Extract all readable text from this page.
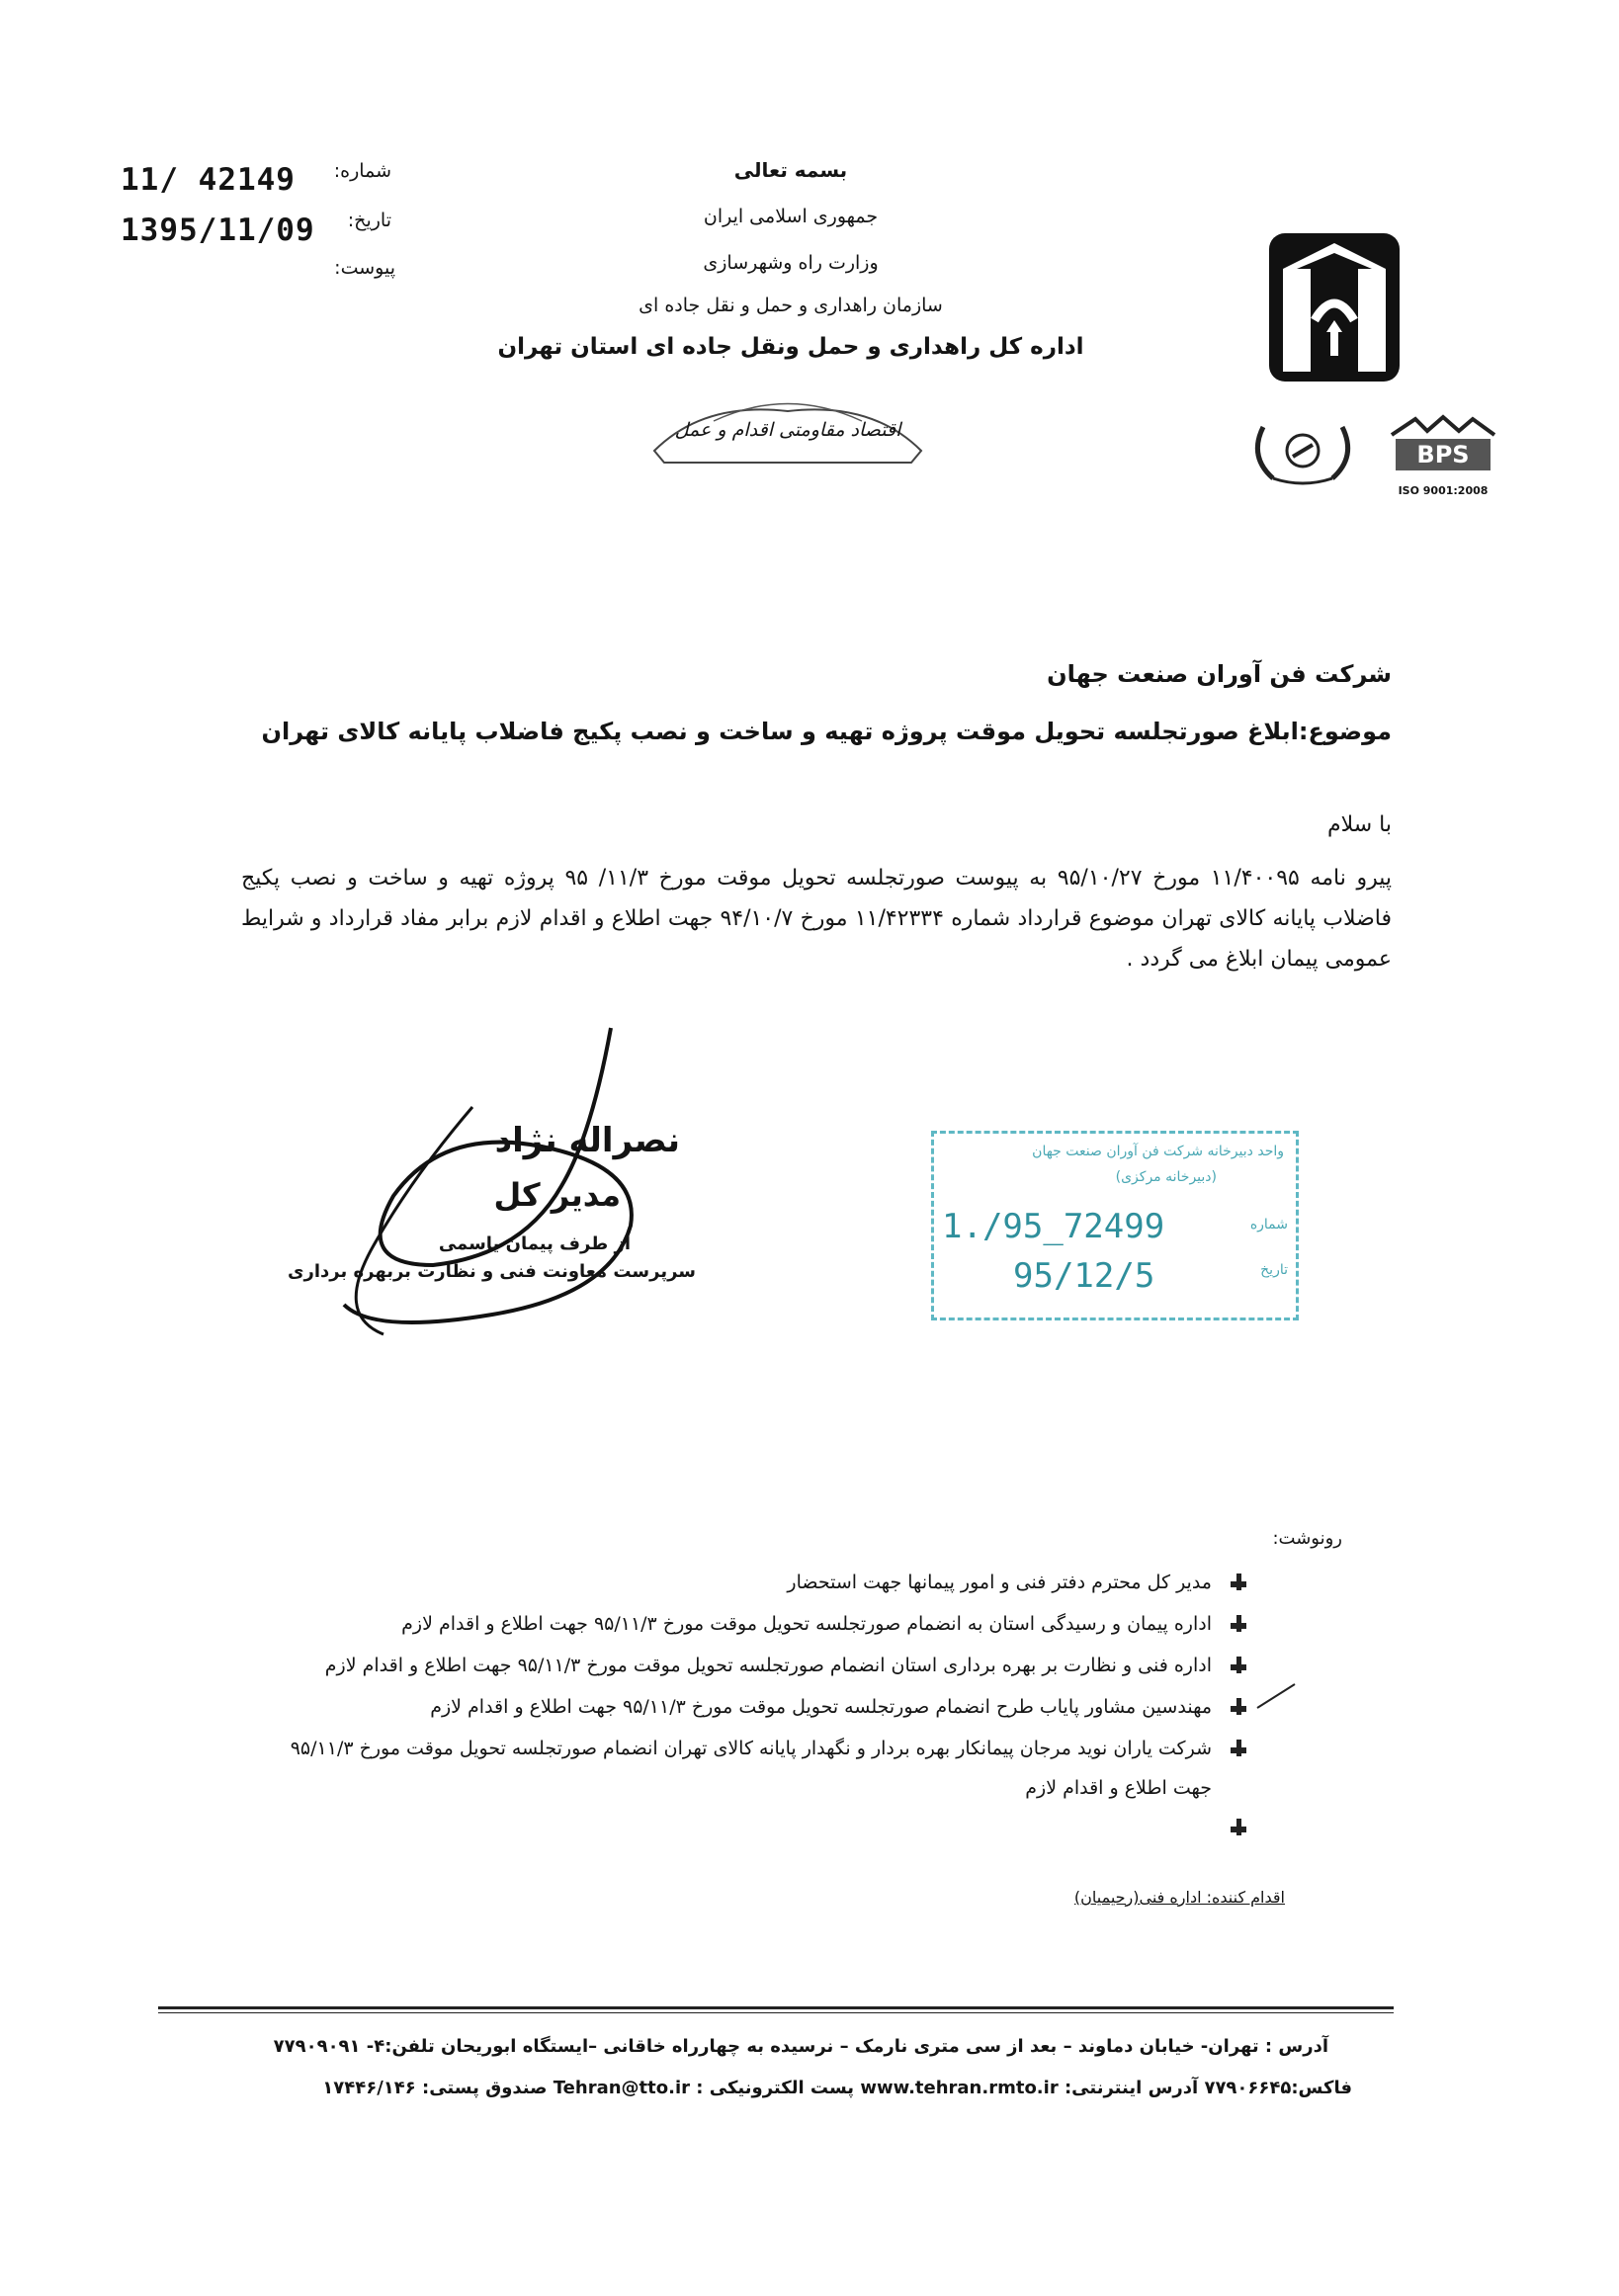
بسمه تعالی
جمهوری اسلامی ایران
وزارت راه وشهرسازی
سازمان راهداری و حمل و نقل جاده ای
اداره کل راهداری و حمل ونقل جاده ای استان تهران
اقتصاد مقاومتی اقدام و عمل
BPS
ISO 9001:2008
شماره:
11/ 42149
تاریخ:
1395/11/09
پیوست:
شرکت فن آوران صنعت جهان
موضوع:ابلاغ صورتجلسه تحویل موقت پروژه تهیه و ساخت و نصب پکیج فاضلاب پایانه کالای تهران
با سلام
پیرو نامه ۱۱/۴۰۰۹۵ مورخ ۹۵/۱۰/۲۷ به پیوست صورتجلسه تحویل موقت مورخ ۱۱/۳/ ۹۵ پروژه تهیه و ساخت و نصب پکیج فاضلاب پایانه کالای تهران موضوع قرارداد شماره ۱۱/۴۲۳۳۴ مورخ ۹۴/۱۰/۷ جهت اطلاع و اقدام لازم برابر مفاد قرارداد و شرایط عمومی پیمان ابلاغ می گردد .
نصراله نژاد
مدیر کل
از طرف پیمان یاسمی
سرپرست معاونت فنی و نظارت بربهره برداری
واحد دبیرخانه شرکت فن آوران صنعت جهان
(دبیرخانه مرکزی)
شماره
تاریخ
1./95_72499
95/12/5
رونوشت:
مدیر کل محترم دفتر فنی و امور پیمانها جهت استحضار
اداره پیمان و رسیدگی استان به انضمام صورتجلسه تحویل موقت مورخ ۹۵/۱۱/۳ جهت اطلاع و اقدام لازم
اداره فنی و نظارت بر بهره برداری استان انضمام صورتجلسه تحویل موقت مورخ ۹۵/۱۱/۳ جهت اطلاع و اقدام لازم
مهندسین مشاور پایاب طرح انضمام صورتجلسه تحویل موقت مورخ ۹۵/۱۱/۳ جهت اطلاع و اقدام لازم
شرکت یاران نوید مرجان پیمانکار بهره بردار و نگهدار پایانه کالای تهران انضمام صورتجلسه تحویل موقت مورخ ۹۵/۱۱/۳
جهت اطلاع و اقدام لازم
اقدام کننده: اداره فنی(رحیمیان)
آدرس : تهران- خیابان دماوند – بعد از سی متری نارمک – نرسیده به چهارراه خاقانی –ایستگاه ابوریحان تلفن:۴- ۷۷۹۰۹۰۹۱
فاکس:۷۷۹۰۶۶۴۵ آدرس اینترنتی: www.tehran.rmto.ir پست الکترونیکی : Tehran@tto.ir صندوق پستی: ۱۷۴۴۶/۱۴۶
